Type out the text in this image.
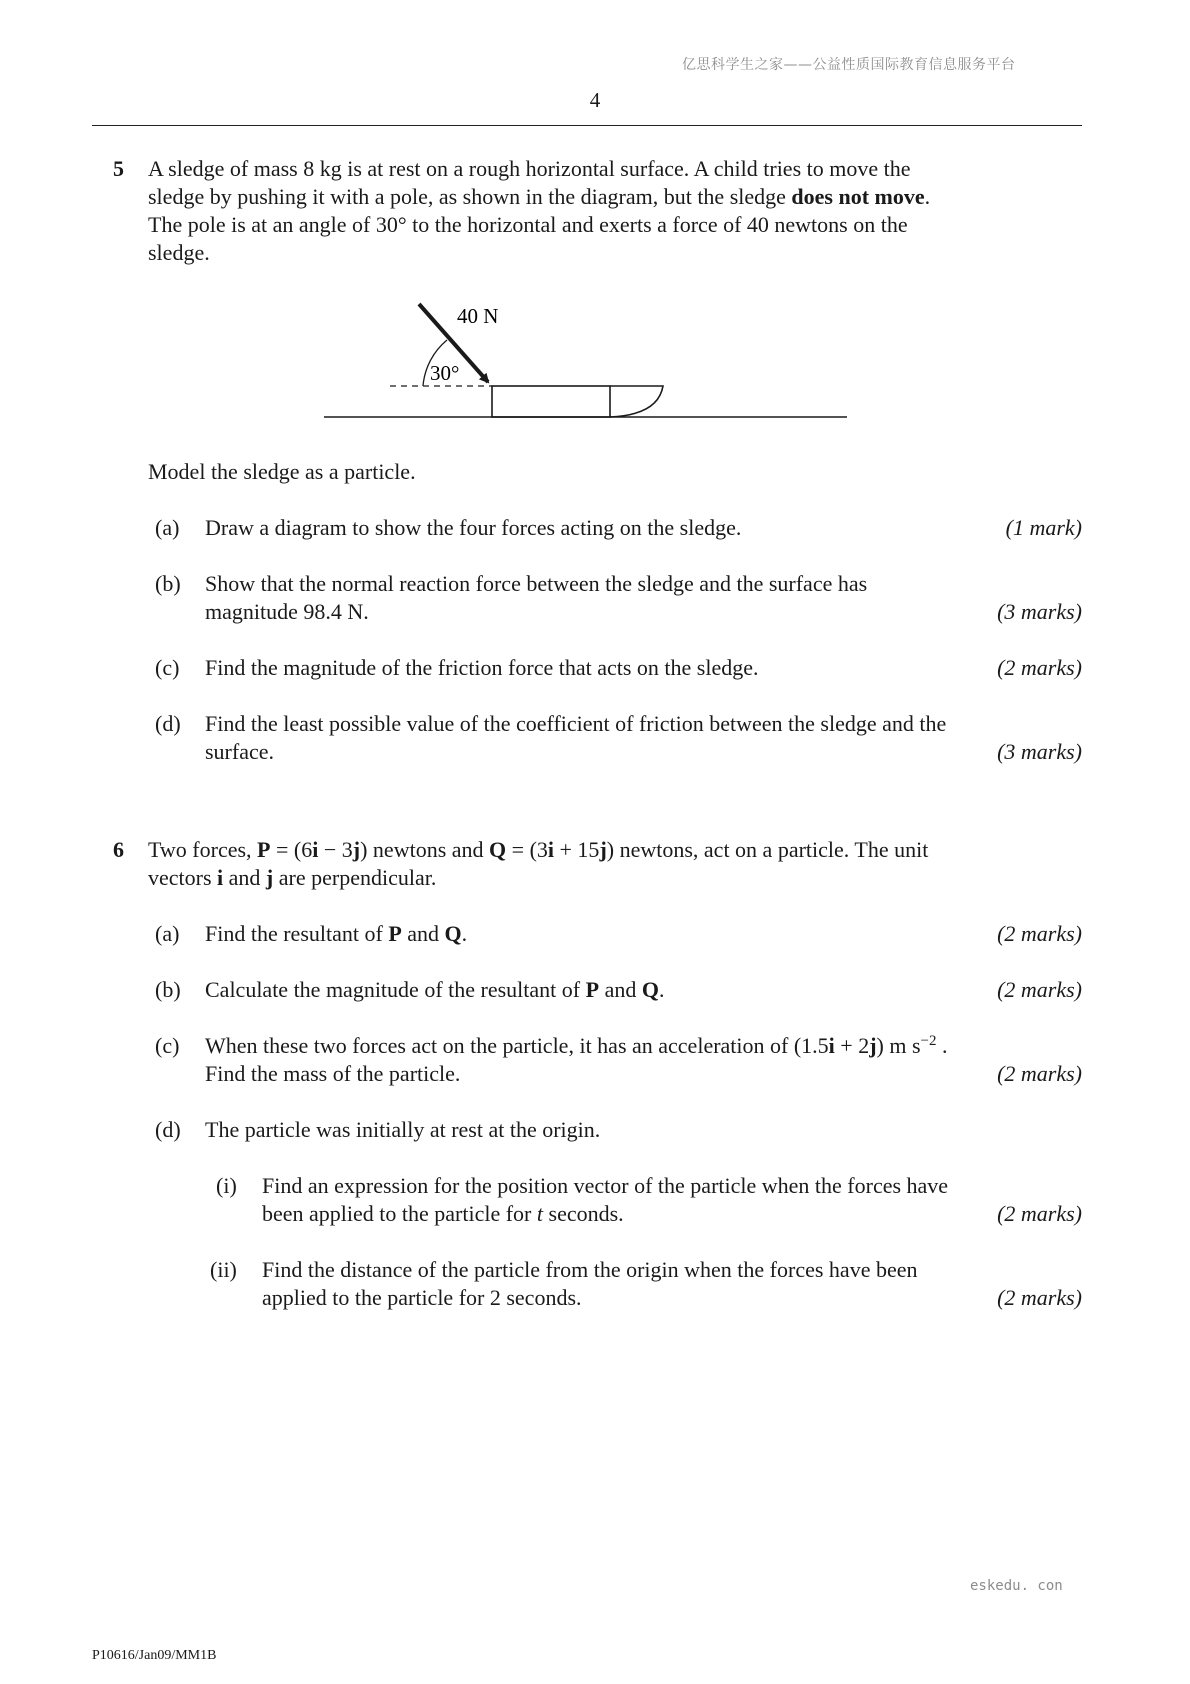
亿思科学生之家——公益性质国际教育信息服务平台
4
5 A sledge of mass 8 kg is at rest on a rough horizontal surface. A child tries to move the
sledge by pushing it with a pole, as shown in the diagram, but the sledge does not move.
The pole is at an angle of 30° to the horizontal and exerts a force of 40 newtons on the
sledge.
40 N
30°
Model the sledge as a particle.
(a) Draw a diagram to show the four forces acting on the sledge.	(1 mark)
(b) Show that the normal reaction force between the sledge and the surface has
magnitude 98.4 N.	(3 marks)
(c) Find the magnitude of the friction force that acts on the sledge.	(2 marks)
(d) Find the least possible value of the coefficient of friction between the sledge and the
surface.	(3 marks)
6 Two forces, P = (6i − 3j) newtons and Q = (3i + 15j) newtons, act on a particle. The unit
vectors i and j are perpendicular.
(a) Find the resultant of P and Q.	(2 marks)
(b) Calculate the magnitude of the resultant of P and Q.	(2 marks)
(c) When these two forces act on the particle, it has an acceleration of (1.5i + 2j) m $s^{-2}$ .
Find the mass of the particle.	(2 marks)
(d) The particle was initially at rest at the origin.
(i) Find an expression for the position vector of the particle when the forces have
been applied to the particle for t seconds.	(2 marks)
(ii) Find the distance of the particle from the origin when the forces have been
applied to the particle for 2 seconds.	(2 marks)
eskedu. con
P10616/Jan09/MM1B
